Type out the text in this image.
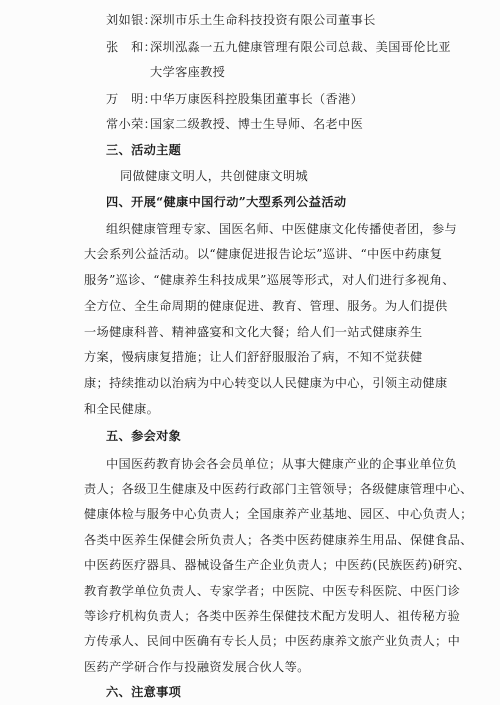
刘如银：深圳市乐土生命科技投资有限公司董事长
张　和：深圳泓淼一五九健康管理有限公司总裁、美国哥伦比亚
大学客座教授
万　明：中华万康医科控股集团董事长（香港）
常小荣：国家二级教授、博士生导师、名老中医
三、活动主题
同做健康文明人，共创健康文明城
四、开展“健康中国行动”大型系列公益活动
组织健康管理专家、国医名师、中医健康文化传播使者团，参与
大会系列公益活动。以“健康促进报告论坛”巡讲、“中医中药康复
服务”巡诊、“健康养生科技成果”巡展等形式，对人们进行多视角、
全方位、全生命周期的健康促进、教育、管理、服务。为人们提供
一场健康科普、精神盛宴和文化大餐；给人们一站式健康养生
方案，慢病康复措施；让人们舒舒服服治了病，不知不觉获健
康；持续推动以治病为中心转变以人民健康为中心，引领主动健康
和全民健康。
五、参会对象
中国医药教育协会各会员单位；从事大健康产业的企事业单位负
责人；各级卫生健康及中医药行政部门主管领导；各级健康管理中心、
健康体检与服务中心负责人；全国康养产业基地、园区、中心负责人；
各类中医养生保健会所负责人；各类中医药健康养生用品、保健食品、
中医药医疗器具、器械设备生产企业负责人；中医药(民族医药)研究、
教育教学单位负责人、专家学者；中医院、中医专科医院、中医门诊
等诊疗机构负责人；各类中医养生保健技术配方发明人、祖传秘方验
方传承人、民间中医确有专长人员；中医药康养文旅产业负责人；中
医药产学研合作与投融资发展合伙人等。
六、注意事项
